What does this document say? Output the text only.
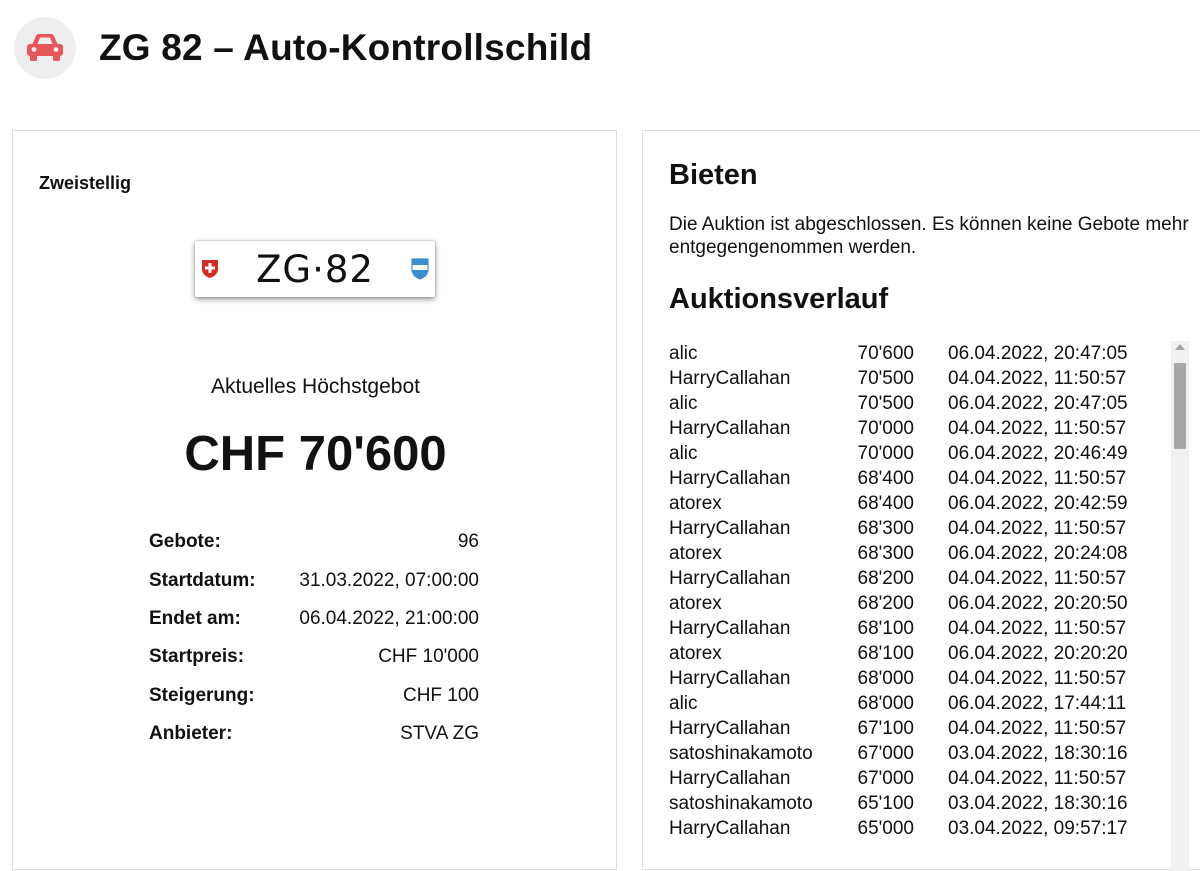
ZG 82 – Auto-Kontrollschild
Zweistellig
ZG·82
Aktuelles Höchstgebot
CHF 70'600
Gebote:	96
Startdatum:	31.03.2022, 07:00:00
Endet am:	06.04.2022, 21:00:00
Startpreis:	CHF 10'000
Steigerung:	CHF 100
Anbieter:	STVA ZG
Bieten
Die Auktion ist abgeschlossen. Es können keine Gebote mehr entgegengenommen werden.
Auktionsverlauf
alic	70'600	06.04.2022, 20:47:05
HarryCallahan	70'500	04.04.2022, 11:50:57
alic	70'500	06.04.2022, 20:47:05
HarryCallahan	70'000	04.04.2022, 11:50:57
alic	70'000	06.04.2022, 20:46:49
HarryCallahan	68'400	04.04.2022, 11:50:57
atorex	68'400	06.04.2022, 20:42:59
HarryCallahan	68'300	04.04.2022, 11:50:57
atorex	68'300	06.04.2022, 20:24:08
HarryCallahan	68'200	04.04.2022, 11:50:57
atorex	68'200	06.04.2022, 20:20:50
HarryCallahan	68'100	04.04.2022, 11:50:57
atorex	68'100	06.04.2022, 20:20:20
HarryCallahan	68'000	04.04.2022, 11:50:57
alic	68'000	06.04.2022, 17:44:11
HarryCallahan	67'100	04.04.2022, 11:50:57
satoshinakamoto	67'000	03.04.2022, 18:30:16
HarryCallahan	67'000	04.04.2022, 11:50:57
satoshinakamoto	65'100	03.04.2022, 18:30:16
HarryCallahan	65'000	03.04.2022, 09:57:17
